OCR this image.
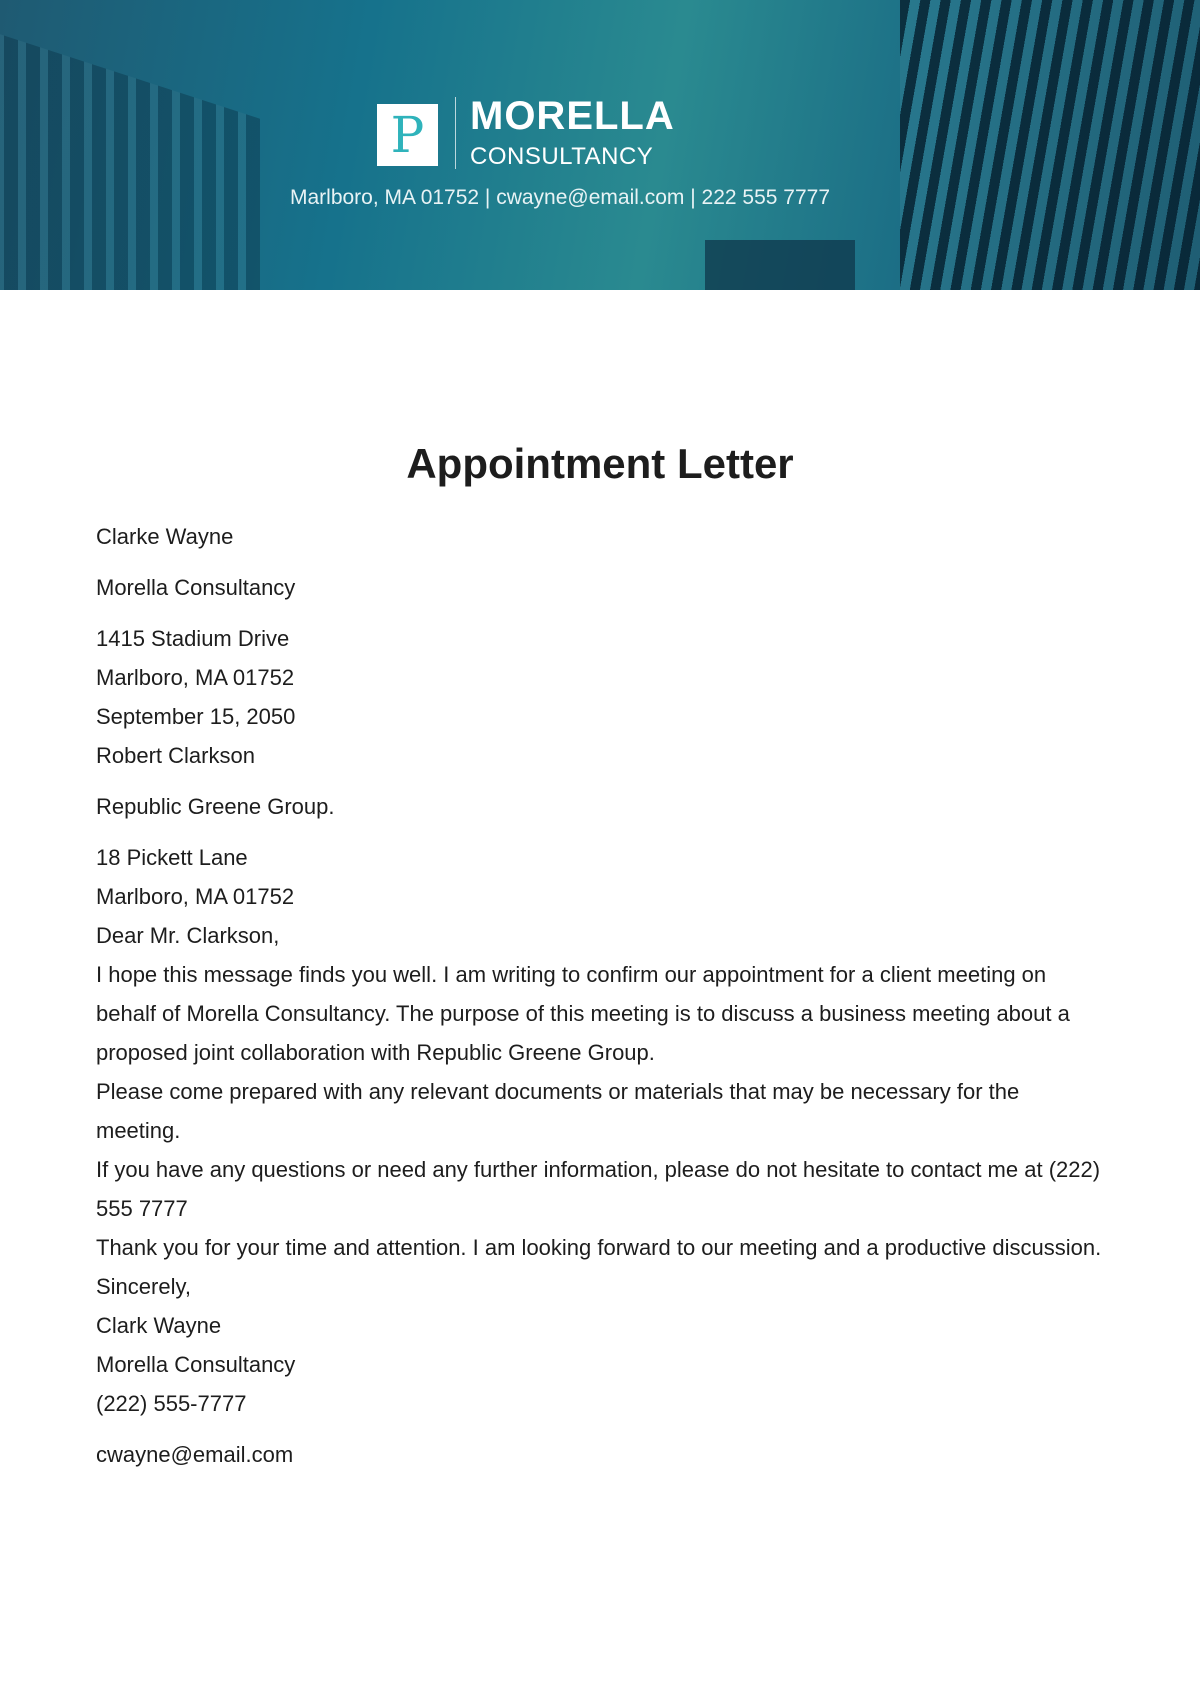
P MORELLA
CONSULTANCY
Marlboro, MA 01752 | cwayne@email.com | 222 555 7777
Appointment Letter

Clarke Wayne

Morella Consultancy

1415 Stadium Drive

Marlboro, MA 01752

September 15, 2050

Robert Clarkson

Republic Greene Group.

18 Pickett Lane

Marlboro, MA 01752

Dear Mr. Clarkson,

I hope this message finds you well. I am writing to confirm our appointment for a client meeting on behalf of Morella Consultancy. The purpose of this meeting is to discuss a business meeting about a proposed joint collaboration with Republic Greene Group.

Please come prepared with any relevant documents or materials that may be necessary for the meeting.

If you have any questions or need any further information, please do not hesitate to contact me at (222) 555 7777

Thank you for your time and attention. I am looking forward to our meeting and a productive discussion.

Sincerely,

Clark Wayne

Morella Consultancy

(222) 555-7777

cwayne@email.com
